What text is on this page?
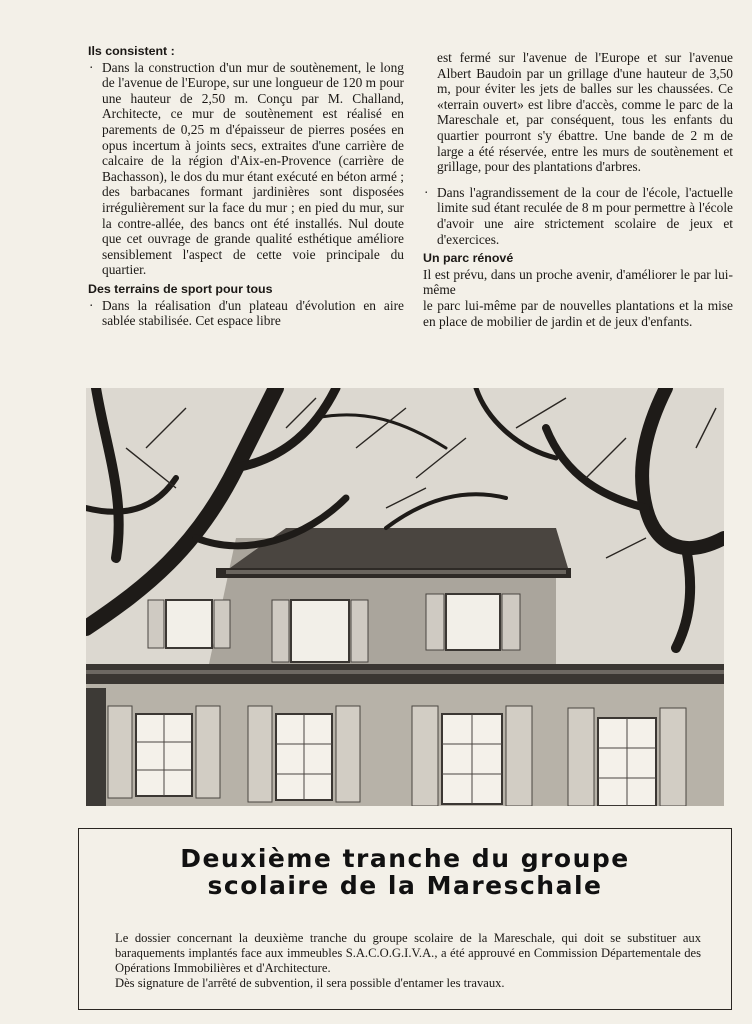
Ils consistent :

· Dans la construction d'un mur de soutènement, le long de l'avenue de l'Europe, sur une longueur de 120 m pour une hauteur de 2,50 m. Conçu par M. Challand, Architecte, ce mur de soutènement est réalisé en parements de 0,25 m d'épaisseur de pierres posées en opus incertum à joints secs, extraites d'une carrière de calcaire de la région d'Aix-en-Provence (carrière de Bachasson), le dos du mur étant exécuté en béton armé ; des barbacanes formant jardinières sont disposées irrégulièrement sur la face du mur ; en pied du mur, sur la contre-allée, des bancs ont été installés. Nul doute que cet ouvrage de grande qualité esthétique améliore sensiblement l'aspect de cette voie principale du quartier.

Des terrains de sport pour tous

· Dans la réalisation d'un plateau d'évolution en aire sablée stabilisée. Cet espace libre

est fermé sur l'avenue de l'Europe et sur l'avenue Albert Baudoin par un grillage d'une hauteur de 3,50 m, pour éviter les jets de balles sur les chaussées. Ce «terrain ouvert» est libre d'accès, comme le parc de la Mareschale et, par conséquent, tous les enfants du quartier pourront s'y ébattre. Une bande de 2 m de large a été réservée, entre les murs de soutènement et grillage, pour des plantations d'arbres.

· Dans l'agrandissement de la cour de l'école, l'actuelle limite sud étant reculée de 8 m pour permettre à l'école d'avoir une aire strictement scolaire de jeux et d'exercices.

Un parc rénové

Il est prévu, dans un proche avenir, d'améliorer le par lui-même

le parc lui-même par de nouvelles plantations et la mise en place de mobilier de jardin et de jeux d'enfants.

Deuxième tranche du groupe
scolaire de la Mareschale

Le dossier concernant la deuxième tranche du groupe scolaire de la Mareschale, qui doit se substituer aux baraquements implantés face aux immeubles S.A.C.O.G.I.V.A., a été approuvé en Commission Départementale des Opérations Immobilières et d'Architecture.

Dès signature de l'arrêté de subvention, il sera possible d'entamer les travaux.
